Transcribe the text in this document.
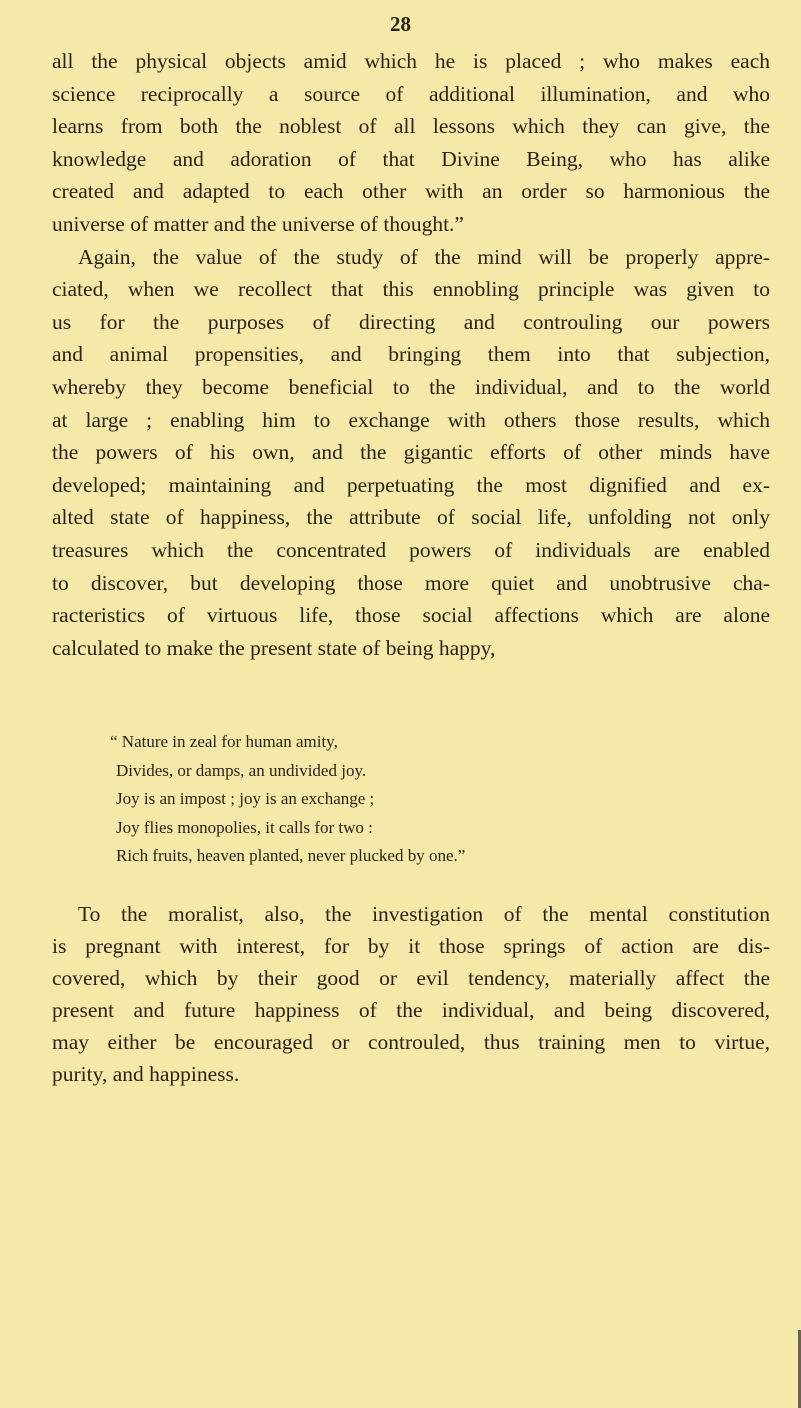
28
all the physical objects amid which he is placed ; who makes each
science reciprocally a source of additional illumination, and who
learns from both the noblest of all lessons which they can give, the
knowledge and adoration of that Divine Being, who has alike
created and adapted to each other with an order so harmonious the
universe of matter and the universe of thought.”
Again, the value of the study of the mind will be properly appre-
ciated, when we recollect that this ennobling principle was given to
us for the purposes of directing and controuling our powers
and animal propensities, and bringing them into that subjection,
whereby they become beneficial to the individual, and to the world
at large ; enabling him to exchange with others those results, which
the powers of his own, and the gigantic efforts of other minds have
developed; maintaining and perpetuating the most dignified and ex-
alted state of happiness, the attribute of social life, unfolding not only
treasures which the concentrated powers of individuals are enabled
to discover, but developing those more quiet and unobtrusive cha-
racteristics of virtuous life, those social affections which are alone
calculated to make the present state of being happy,
“ Nature in zeal for human amity,
Divides, or damps, an undivided joy.
Joy is an impost ; joy is an exchange ;
Joy flies monopolies, it calls for two :
Rich fruits, heaven planted, never plucked by one.”
To the moralist, also, the investigation of the mental constitution
is pregnant with interest, for by it those springs of action are dis-
covered, which by their good or evil tendency, materially affect the
present and future happiness of the individual, and being discovered,
may either be encouraged or controuled, thus training men to virtue,
purity, and happiness.
